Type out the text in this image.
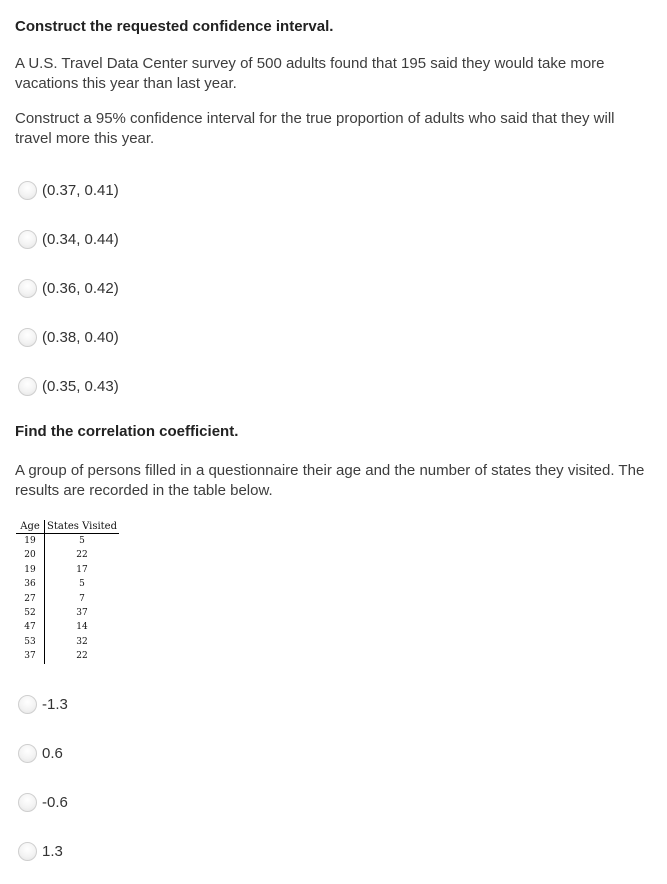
Construct the requested confidence interval.

A U.S. Travel Data Center survey of 500 adults found that 195 said they would take more vacations this year than last year.

Construct a 95% confidence interval for the true proportion of adults who said that they will travel more this year.

(0.37, 0.41)
(0.34, 0.44)
(0.36, 0.42)
(0.38, 0.40)
(0.35, 0.43)
Find the correlation coefficient.

A group of persons filled in a questionnaire their age and the number of states they visited. The results are recorded in the table below.

Age	States Visited
19	5
20	22
19	17
36	5
27	7
52	37
47	14
53	32
37	22
-1.3
0.6
-0.6
1.3
